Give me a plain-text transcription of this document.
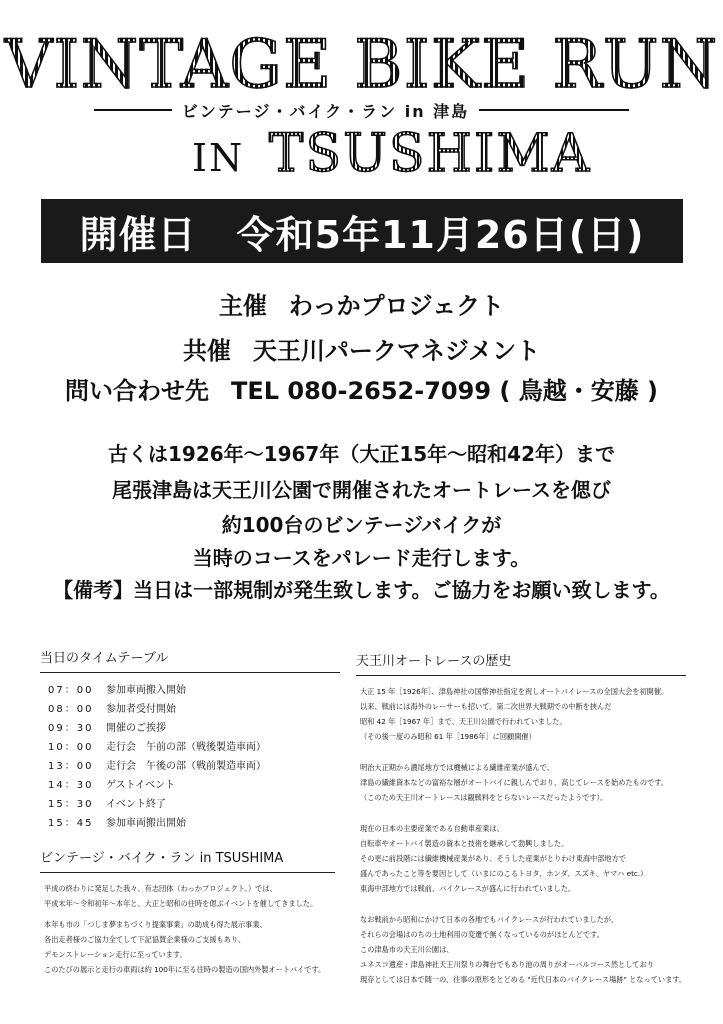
VINTAGE BIKE RUN
ビンテージ・バイク・ラン in 津島
IN TSUSHIMA
開催日 令和5年11月26日(日)
主催 わっかプロジェクト
共催 天王川パークマネジメント
問い合わせ先 TEL 080-2652-7099 ( 鳥越・安藤 )
古くは1926年～1967年（大正15年～昭和42年）まで
尾張津島は天王川公園で開催されたオートレースを偲び
約100台のビンテージバイクが
当時のコースをパレード走行します。
【備考】当日は一部規制が発生致します。ご協力をお願い致します。
当日のタイムテーブル
07：00	参加車両搬入開始
08：00	参加者受付開始
09：30	開催のご挨拶
10：00	走行会　午前の部（戦後製造車両）
13：00	走行会　午後の部（戦前製造車両）
14：30	ゲストイベント
15：30	イベント終了
15：45	参加車両搬出開始
ビンテージ・バイク・ラン in TSUSHIMA
平成の終わりに発足した我々、有志団体（わっかプロジェクト。）では、
平成末年～令和初年～本年と、大正と昭和の往時を偲ぶイベントを催してきました。
本年も市の「つしま夢まちづくり提案事業」の助成も得た展示事業、
各出走者様のご協力全てして下記協賛企業様のご支援もあり、
デモンストレーション走行に至っています。
このたびの展示と走行の車両は約 100年に至る往時の製造の国内外製オートバイです。
天王川オートレースの歴史
大正 15 年［1926年］、津島神社の国幣神社指定を祝しオートバイレースの全国大会を初開催。
以来、戦前には海外のレーサーも招いて、第二次世界大戦期での中断を挟んだ
昭和 42 年［1967 年］まで、天王川公園で行われていました。
（その後一度のみ昭和 61 年［1986年］に回顧開催）
明治大正期から濃尾地方では機械による繊維産業が盛んで、
津島の繊維資本などの富裕な層がオートバイに親しんでおり、高じてレースを始めたものです。
（このため天王川オートレースは観戦料をとらないレースだったようです）。
現在の日本の主要産業である自動車産業は、
自転車やオートバイ製造の資本と技術を継承して勃興しました。
その更に前段階には繊維機械産業があり、そうした産業がとりわけ東海中部地方で
盛んであったこと等を要因として（いまにのこるトヨタ、ホンダ、スズキ、ヤマハ etc.）
東海中部地方では戦前、バイクレースが盛んに行われていました。
なお戦前から昭和にかけて日本の各地でもバイクレースが行われていましたが、
それらの会場はのちの土地利用の変遷で無くなっているのがほとんどです。
この津島市の天王川公園は、
ユネスコ遺産・津島神社天王川祭りの舞台でもあり池の周りがオーバルコース然としており
現存としては日本で随一の、往事の原形をとどめる "近代日本のバイクレース場跡" となっています。
